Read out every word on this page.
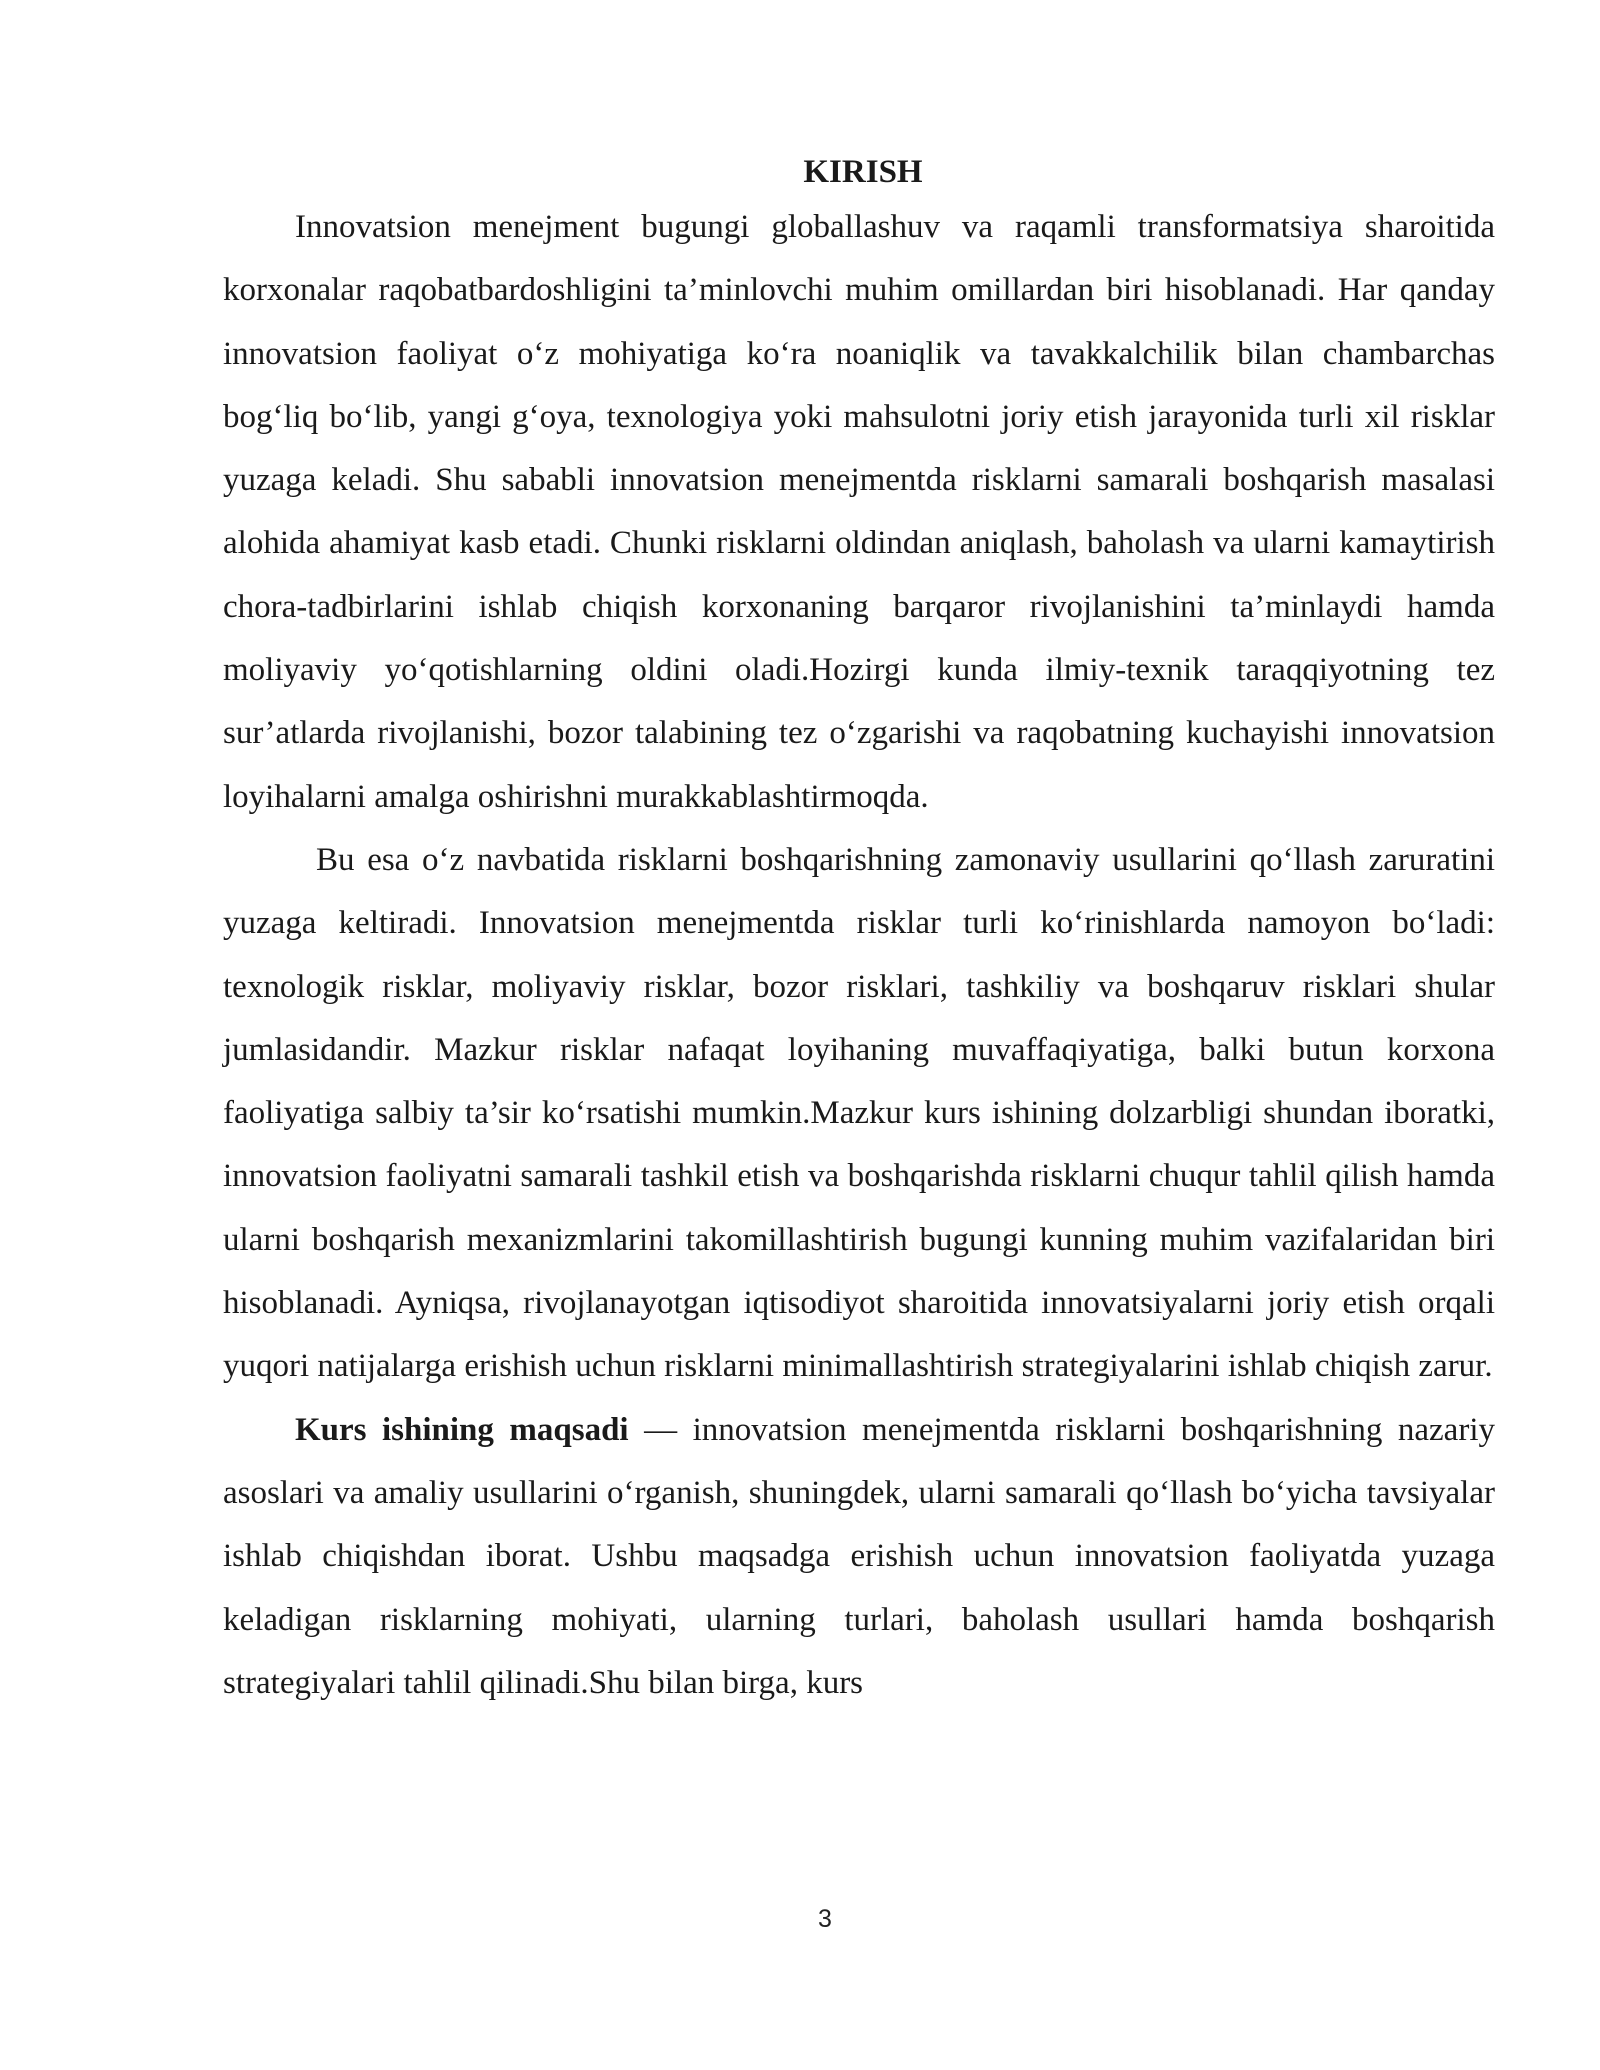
KIRISH

Innovatsion menejment bugungi globallashuv va raqamli transformatsiya sharoitida korxonalar raqobatbardoshligini ta’minlovchi muhim omillardan biri hisoblanadi. Har qanday innovatsion faoliyat o‘z mohiyatiga ko‘ra noaniqlik va tavakkalchilik bilan chambarchas bog‘liq bo‘lib, yangi g‘oya, texnologiya yoki mahsulotni joriy etish jarayonida turli xil risklar yuzaga keladi. Shu sababli innovatsion menejmentda risklarni samarali boshqarish masalasi alohida ahamiyat kasb etadi. Chunki risklarni oldindan aniqlash, baholash va ularni kamaytirish chora-tadbirlarini ishlab chiqish korxonaning barqaror rivojlanishini ta’minlaydi hamda moliyaviy yo‘qotishlarning oldini oladi.Hozirgi kunda ilmiy-texnik taraqqiyotning tez sur’atlarda rivojlanishi, bozor talabining tez o‘zgarishi va raqobatning kuchayishi innovatsion loyihalarni amalga oshirishni murakkablashtirmoqda.

Bu esa o‘z navbatida risklarni boshqarishning zamonaviy usullarini qo‘llash zaruratini yuzaga keltiradi. Innovatsion menejmentda risklar turli ko‘rinishlarda namoyon bo‘ladi: texnologik risklar, moliyaviy risklar, bozor risklari, tashkiliy va boshqaruv risklari shular jumlasidandir. Mazkur risklar nafaqat loyihaning muvaffaqiyatiga, balki butun korxona faoliyatiga salbiy ta’sir ko‘rsatishi mumkin.Mazkur kurs ishining dolzarbligi shundan iboratki, innovatsion faoliyatni samarali tashkil etish va boshqarishda risklarni chuqur tahlil qilish hamda ularni boshqarish mexanizmlarini takomillashtirish bugungi kunning muhim vazifalaridan biri hisoblanadi. Ayniqsa, rivojlanayotgan iqtisodiyot sharoitida innovatsiyalarni joriy etish orqali yuqori natijalarga erishish uchun risklarni minimallashtirish strategiyalarini ishlab chiqish zarur.

Kurs ishining maqsadi — innovatsion menejmentda risklarni boshqarishning nazariy asoslari va amaliy usullarini o‘rganish, shuningdek, ularni samarali qo‘llash bo‘yicha tavsiyalar ishlab chiqishdan iborat. Ushbu maqsadga erishish uchun innovatsion faoliyatda yuzaga keladigan risklarning mohiyati, ularning turlari, baholash usullari hamda boshqarish strategiyalari tahlil qilinadi.Shu bilan birga, kurs

3
